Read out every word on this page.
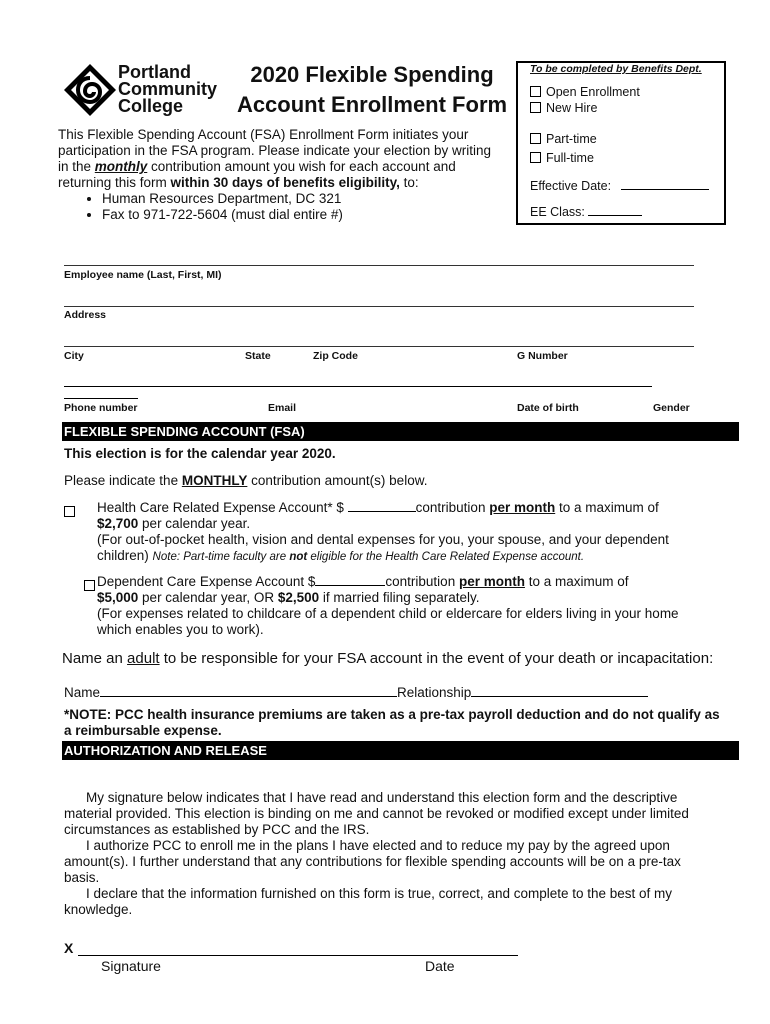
Portland
Community
College
2020 Flexible Spending
Account Enrollment Form
To be completed by Benefits Dept.
Open Enrollment
New Hire
Part-time
Full-time
Effective Date:
EE Class:
This Flexible Spending Account (FSA) Enrollment Form initiates your participation in the FSA program. Please indicate your election by writing in the monthly contribution amount you wish for each account and returning this form within 30 days of benefits eligibility, to:
• Human Resources Department, DC 321
• Fax to 971-722-5604 (must dial entire #)
Employee name (Last, First, MI)
Address
City	State	Zip Code	G Number
Phone number	Email	Date of birth	Gender
FLEXIBLE SPENDING ACCOUNT (FSA)
This election is for the calendar year 2020.
Please indicate the MONTHLY contribution amount(s) below.

Health Care Related Expense Account* $	contribution per month to a maximum of
$2,700 per calendar year.
(For out-of-pocket health, vision and dental expenses for you, your spouse, and your dependent children) Note: Part-time faculty are not eligible for the Health Care Related Expense account.
Dependent Care Expense Account $	contribution per month to a maximum of
$5,000 per calendar year, OR $2,500 if married filing separately.
(For expenses related to childcare of a dependent child or eldercare for elders living in your home which enables you to work).
Name an adult to be responsible for your FSA account in the event of your death or incapacitation:
Name	Relationship
*NOTE: PCC health insurance premiums are taken as a pre-tax payroll deduction and do not qualify as a reimbursable expense.
AUTHORIZATION AND RELEASE
My signature below indicates that I have read and understand this election form and the descriptive material provided. This election is binding on me and cannot be revoked or modified except under limited circumstances as established by PCC and the IRS.
I authorize PCC to enroll me in the plans I have elected and to reduce my pay by the agreed upon amount(s). I further understand that any contributions for flexible spending accounts will be on a pre-tax basis.
I declare that the information furnished on this form is true, correct, and complete to the best of my knowledge.
X
Signature	Date
